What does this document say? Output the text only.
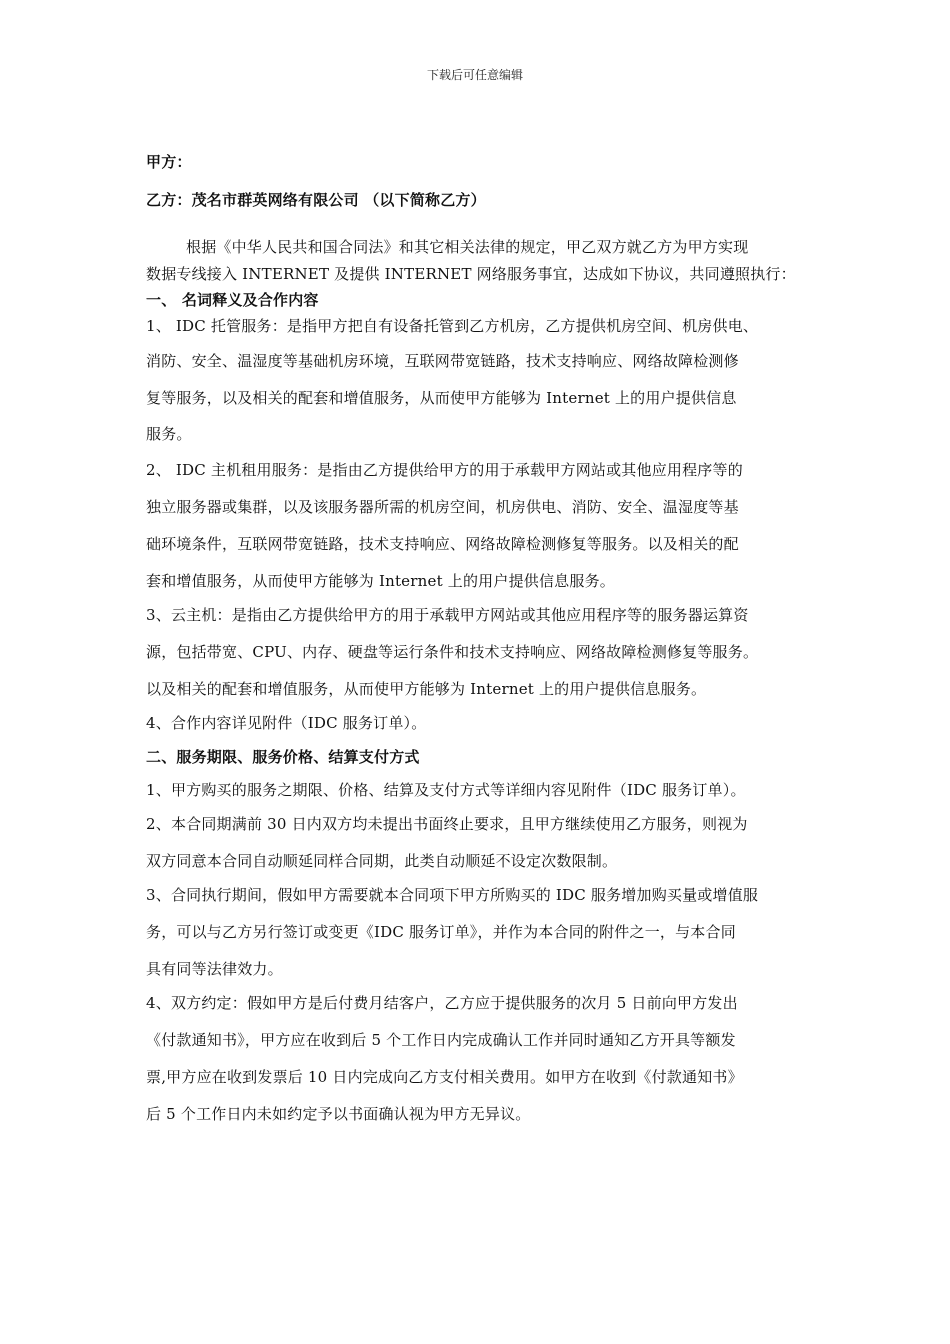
下载后可任意编辑
甲方：
乙方：茂名市群英网络有限公司 （以下简称乙方）
根据《中华人民共和国合同法》和其它相关法律的规定，甲乙双方就乙方为甲方实现
数据专线接入 INTERNET 及提供 INTERNET 网络服务事宜，达成如下协议，共同遵照执行：
一、 名词释义及合作内容
1、 IDC 托管服务：是指甲方把自有设备托管到乙方机房，乙方提供机房空间、机房供电、
消防、安全、温湿度等基础机房环境，互联网带宽链路，技术支持响应、网络故障检测修
复等服务，以及相关的配套和增值服务，从而使甲方能够为 Internet 上的用户提供信息
服务。
2、 IDC 主机租用服务：是指由乙方提供给甲方的用于承载甲方网站或其他应用程序等的
独立服务器或集群，以及该服务器所需的机房空间，机房供电、消防、安全、温湿度等基
础环境条件，互联网带宽链路，技术支持响应、网络故障检测修复等服务。以及相关的配
套和增值服务，从而使甲方能够为 Internet 上的用户提供信息服务。
3、云主机：是指由乙方提供给甲方的用于承载甲方网站或其他应用程序等的服务器运算资
源，包括带宽、CPU、内存、硬盘等运行条件和技术支持响应、网络故障检测修复等服务。
以及相关的配套和增值服务，从而使甲方能够为 Internet 上的用户提供信息服务。
4、合作内容详见附件（IDC 服务订单）。
二、服务期限、服务价格、结算支付方式
1、甲方购买的服务之期限、价格、结算及支付方式等详细内容见附件（IDC 服务订单）。
2、本合同期满前 30 日内双方均未提出书面终止要求，且甲方继续使用乙方服务，则视为
双方同意本合同自动顺延同样合同期，此类自动顺延不设定次数限制。
3、合同执行期间，假如甲方需要就本合同项下甲方所购买的 IDC 服务增加购买量或增值服
务，可以与乙方另行签订或变更《IDC 服务订单》，并作为本合同的附件之一，与本合同
具有同等法律效力。
4、双方约定：假如甲方是后付费月结客户，乙方应于提供服务的次月 5 日前向甲方发出
《付款通知书》，甲方应在收到后 5 个工作日内完成确认工作并同时通知乙方开具等额发
票,甲方应在收到发票后 10 日内完成向乙方支付相关费用。如甲方在收到《付款通知书》
后 5 个工作日内未如约定予以书面确认视为甲方无异议。
